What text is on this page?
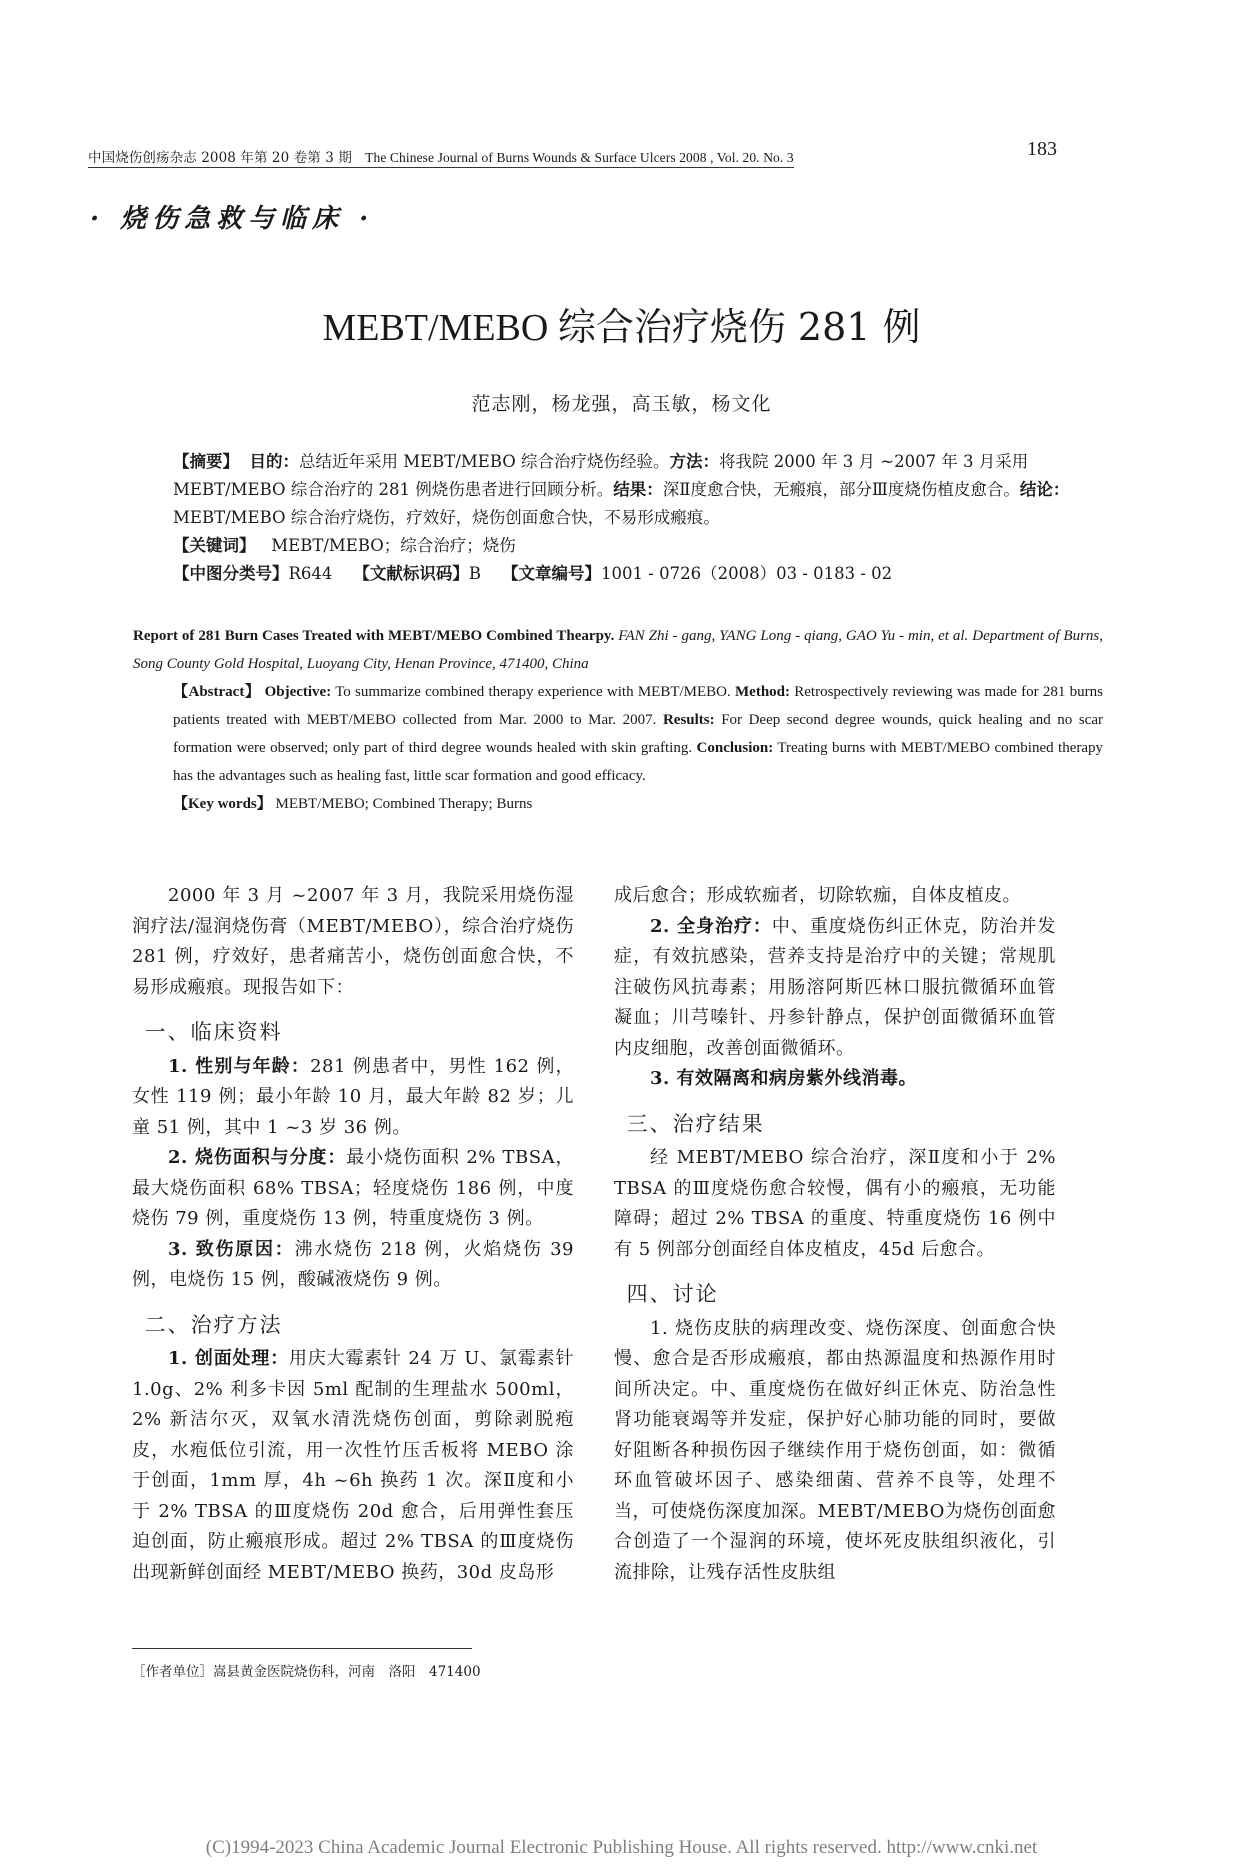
中国烧伤创疡杂志 2008 年第 20 卷第 3 期 The Chinese Journal of Burns Wounds & Surface Ulcers 2008 , Vol. 20. No. 3	183
· 烧伤急救与临床 ·
MEBT/MEBO 综合治疗烧伤 281 例
范志刚，杨龙强，高玉敏，杨文化

【摘要】 目的：总结近年采用 MEBT/MEBO 综合治疗烧伤经验。方法：将我院 2000 年 3 月 ~2007 年 3 月采用 MEBT/MEBO 综合治疗的 281 例烧伤患者进行回顾分析。结果：深Ⅱ度愈合快，无瘢痕，部分Ⅲ度烧伤植皮愈合。结论：MEBT/MEBO 综合治疗烧伤，疗效好，烧伤创面愈合快，不易形成瘢痕。

【关键词】 MEBT/MEBO；综合治疗；烧伤

【中图分类号】R644 【文献标识码】B 【文章编号】1001 - 0726（2008）03 - 0183 - 02

Report of 281 Burn Cases Treated with MEBT/MEBO Combined Thearpy. FAN Zhi - gang, YANG Long - qiang, GAO Yu - min, et al. Department of Burns, Song County Gold Hospital, Luoyang City, Henan Province, 471400, China

【Abstract】 Objective: To summarize combined therapy experience with MEBT/MEBO. Method: Retrospectively reviewing was made for 281 burns patients treated with MEBT/MEBO collected from Mar. 2000 to Mar. 2007. Results: For Deep second degree wounds, quick healing and no scar formation were observed; only part of third degree wounds healed with skin grafting. Conclusion: Treating burns with MEBT/MEBO combined therapy has the advantages such as healing fast, little scar formation and good efficacy.

【Key words】 MEBT/MEBO; Combined Therapy; Burns

2000 年 3 月 ~2007 年 3 月，我院采用烧伤湿润疗法/湿润烧伤膏（MEBT/MEBO），综合治疗烧伤 281 例，疗效好，患者痛苦小，烧伤创面愈合快，不易形成瘢痕。现报告如下：

一、临床资料

1. 性别与年龄：281 例患者中，男性 162 例，女性 119 例；最小年龄 10 月，最大年龄 82 岁；儿童 51 例，其中 1 ~3 岁 36 例。

2. 烧伤面积与分度：最小烧伤面积 2% TBSA，最大烧伤面积 68% TBSA；轻度烧伤 186 例，中度烧伤 79 例，重度烧伤 13 例，特重度烧伤 3 例。

3. 致伤原因：沸水烧伤 218 例，火焰烧伤 39 例，电烧伤 15 例，酸碱液烧伤 9 例。

二、治疗方法

1. 创面处理：用庆大霉素针 24 万 U、氯霉素针 1.0g、2% 利多卡因 5ml 配制的生理盐水 500ml，2% 新洁尔灭，双氧水清洗烧伤创面，剪除剥脱疱皮，水疱低位引流，用一次性竹压舌板将 MEBO 涂于创面，1mm 厚，4h ~6h 换药 1 次。深Ⅱ度和小于 2% TBSA 的Ⅲ度烧伤 20d 愈合，后用弹性套压迫创面，防止瘢痕形成。超过 2% TBSA 的Ⅲ度烧伤出现新鲜创面经 MEBT/MEBO 换药，30d 皮岛形

成后愈合；形成软痂者，切除软痂，自体皮植皮。

2. 全身治疗：中、重度烧伤纠正休克，防治并发症，有效抗感染，营养支持是治疗中的关键；常规肌注破伤风抗毒素；用肠溶阿斯匹林口服抗微循环血管凝血；川芎嗪针、丹参针静点，保护创面微循环血管内皮细胞，改善创面微循环。

3. 有效隔离和病房紫外线消毒。

三、治疗结果

经 MEBT/MEBO 综合治疗，深Ⅱ度和小于 2% TBSA 的Ⅲ度烧伤愈合较慢，偶有小的瘢痕，无功能障碍；超过 2% TBSA 的重度、特重度烧伤 16 例中有 5 例部分创面经自体皮植皮，45d 后愈合。

四、讨论

1. 烧伤皮肤的病理改变、烧伤深度、创面愈合快慢、愈合是否形成瘢痕，都由热源温度和热源作用时间所决定。中、重度烧伤在做好纠正休克、防治急性肾功能衰竭等并发症，保护好心肺功能的同时，要做好阻断各种损伤因子继续作用于烧伤创面，如：微循环血管破坏因子、感染细菌、营养不良等，处理不当，可使烧伤深度加深。MEBT/MEBO为烧伤创面愈合创造了一个湿润的环境，使坏死皮肤组织液化，引流排除，让残存活性皮肤组

［作者单位］嵩县黄金医院烧伤科，河南　洛阳　471400
(C)1994-2023 China Academic Journal Electronic Publishing House. All rights reserved. http://www.cnki.net
